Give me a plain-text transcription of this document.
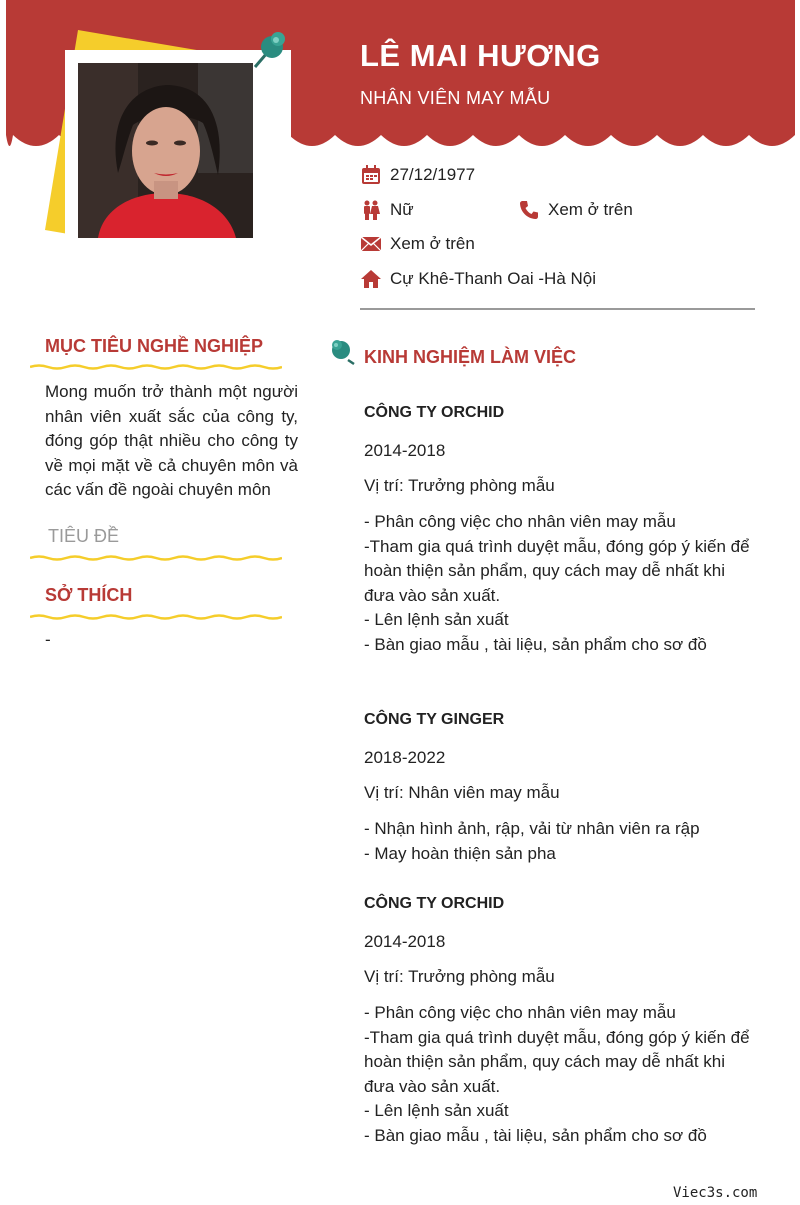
LÊ MAI HƯƠNG

NHÂN VIÊN MAY MẪU

27/12/1977
Nữ	Xem ở trên
Xem ở trên
Cự Khê-Thanh Oai -Hà Nội
MỤC TIÊU NGHỀ NGHIỆP

Mong muốn trở thành một người nhân viên xuất sắc của công ty, đóng góp thật nhiều cho công ty về mọi mặt về cả chuyên môn và các vấn đề ngoài chuyên môn

TIÊU ĐỀ
SỞ THÍCH
-
KINH NGHIỆM LÀM VIỆC

CÔNG TY ORCHID

2014-2018

Vị trí: Trưởng phòng mẫu

- Phân công việc cho nhân viên may mẫu
-Tham gia quá trình duyệt mẫu, đóng góp ý kiến để hoàn thiện sản phẩm, quy cách may dễ nhất khi đưa vào sản xuất.
- Lên lệnh sản xuất
- Bàn giao mẫu , tài liệu, sản phẩm cho sơ đồ

CÔNG TY GINGER

2018-2022

Vị trí: Nhân viên may mẫu

- Nhận hình ảnh, rập, vải từ nhân viên ra rập
- May hoàn thiện sản pha

CÔNG TY ORCHID

2014-2018

Vị trí: Trưởng phòng mẫu

- Phân công việc cho nhân viên may mẫu
-Tham gia quá trình duyệt mẫu, đóng góp ý kiến để hoàn thiện sản phẩm, quy cách may dễ nhất khi đưa vào sản xuất.
- Lên lệnh sản xuất
- Bàn giao mẫu , tài liệu, sản phẩm cho sơ đồ
Viec3s.com
